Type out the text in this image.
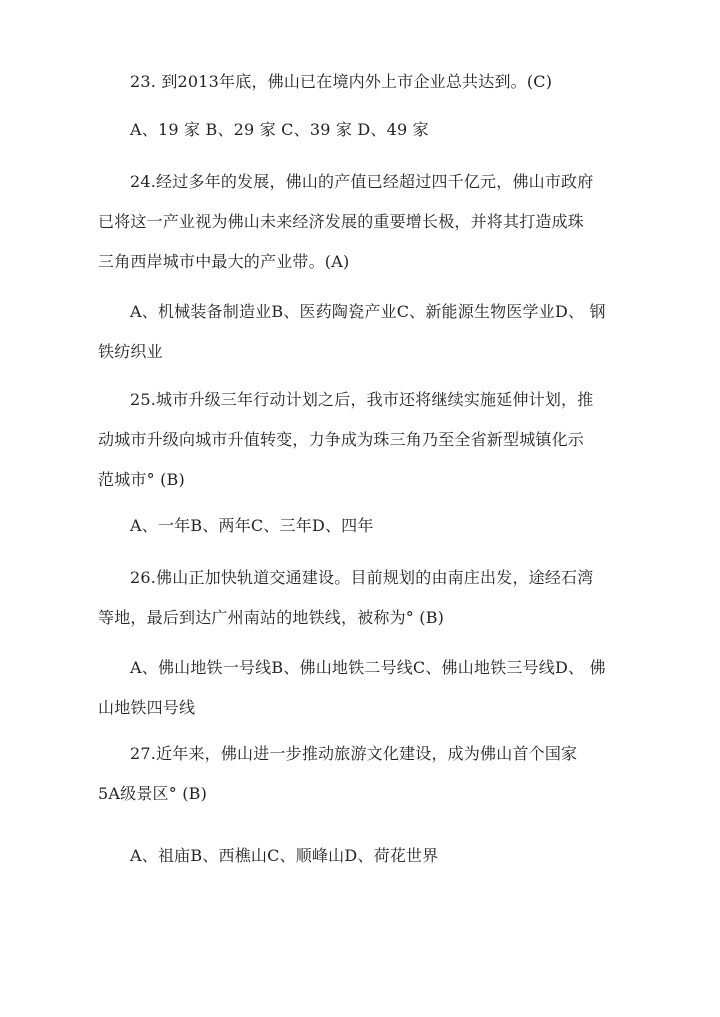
23. 到2013年底，佛山已在境内外上市企业总共达到。(C)
A、19 家 B、29 家 C、39 家 D、49 家
24.经过多年的发展，佛山的产值已经超过四千亿元，佛山市政府
已将这一产业视为佛山未来经济发展的重要增长极，并将其打造成珠
三角西岸城市中最大的产业带。(A)
A、机械装备制造业B、医药陶瓷产业C、新能源生物医学业D、 钢
铁纺织业
25.城市升级三年行动计划之后，我市还将继续实施延伸计划，推
动城市升级向城市升值转变，力争成为珠三角乃至全省新型城镇化示
范城市° (B)
A、一年B、两年C、三年D、四年
26.佛山正加快轨道交通建设。目前规划的由南庄出发，途经石湾
等地，最后到达广州南站的地铁线，被称为° (B)
A、佛山地铁一号线B、佛山地铁二号线C、佛山地铁三号线D、 佛
山地铁四号线
27.近年来，佛山进一步推动旅游文化建设，成为佛山首个国家
5A级景区° (B)
A、祖庙B、西樵山C、顺峰山D、荷花世界
